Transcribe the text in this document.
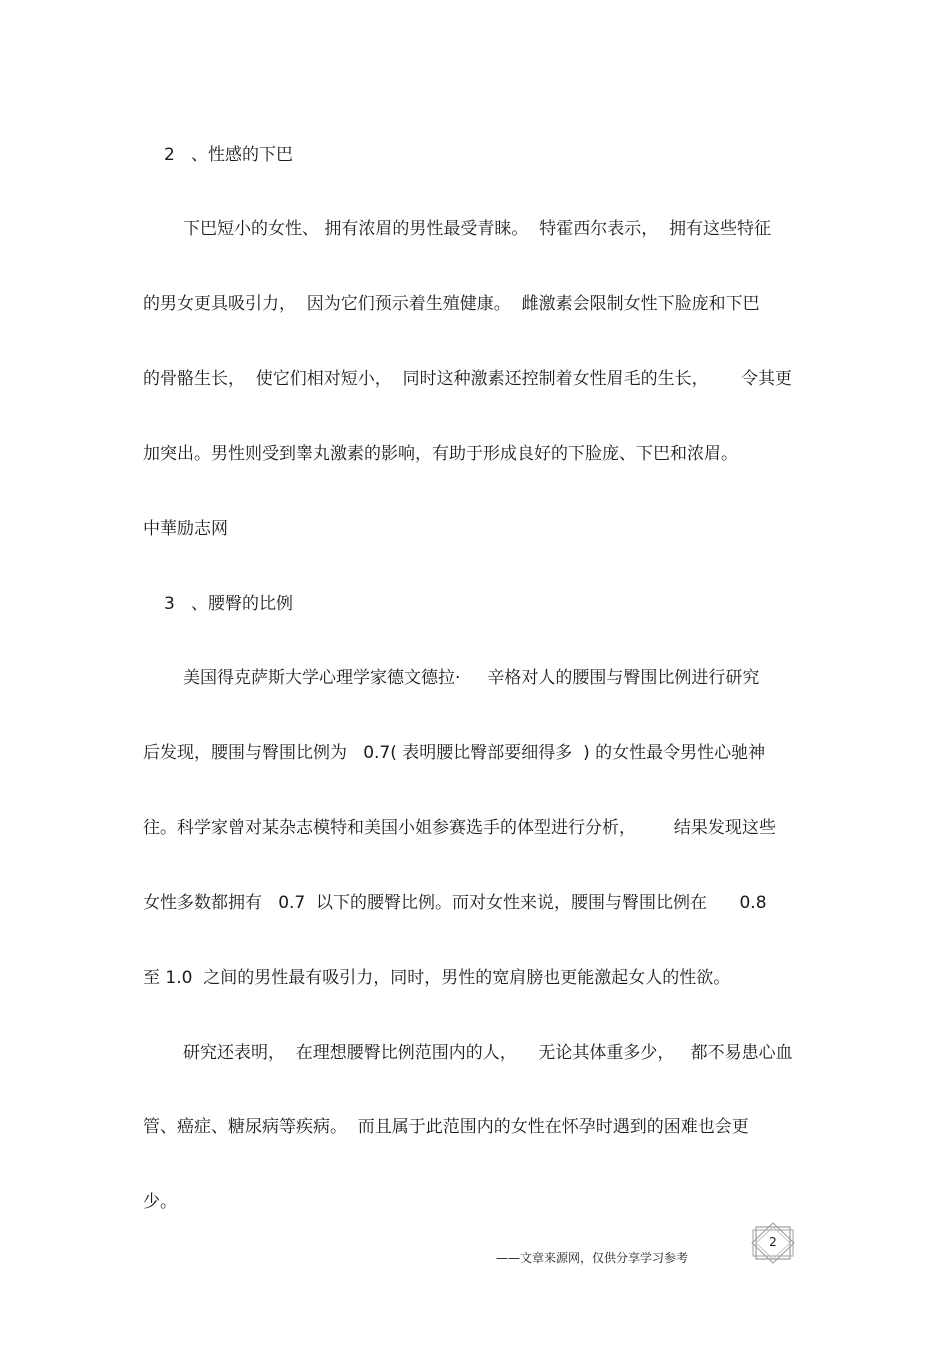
2   、性感的下巴

下巴短小的女性、 拥有浓眉的男性最受青睐。  特霍西尔表示，  拥有这些特征

的男女更具吸引力，  因为它们预示着生殖健康。  雌激素会限制女性下脸庞和下巴

的骨骼生长，  使它们相对短小，  同时这种激素还控制着女性眉毛的生长，      令其更

加突出。男性则受到睾丸激素的影响，有助于形成良好的下脸庞、下巴和浓眉。

中華励志网

3   、腰臀的比例

美国得克萨斯大学心理学家德文德拉·     辛格对人的腰围与臀围比例进行研究

后发现，腰围与臀围比例为   0.7( 表明腰比臀部要细得多  ) 的女性最令男性心驰神

往。科学家曾对某杂志模特和美国小姐参赛选手的体型进行分析，       结果发现这些

女性多数都拥有   0.7  以下的腰臀比例。而对女性来说，腰围与臀围比例在      0.8

至 1.0  之间的男性最有吸引力，同时，男性的宽肩膀也更能激起女人的性欲。

研究还表明，  在理想腰臀比例范围内的人，    无论其体重多少，   都不易患心血

管、癌症、糖尿病等疾病。  而且属于此范围内的女性在怀孕时遇到的困难也会更

少。

——文章来源网，仅供分享学习参考
2
